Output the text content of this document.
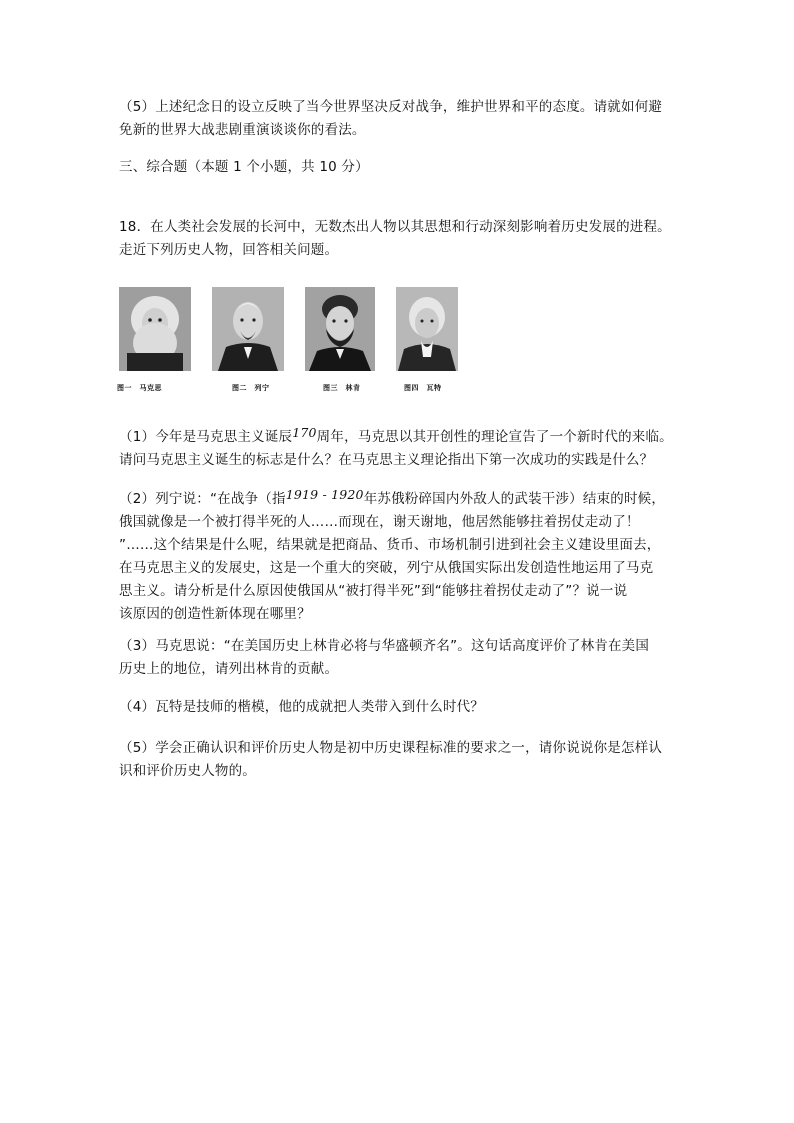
（5）上述纪念日的设立反映了当今世界坚决反对战争，维护世界和平的态度。请就如何避

免新的世界大战悲剧重演谈谈你的看法。

三、综合题（本题 1 个小题，共 10 分）

18．在人类社会发展的长河中，无数杰出人物以其思想和行动深刻影响着历史发展的进程。

走近下列历史人物，回答相关问题。

图一　马克思	图二　列宁	图三　林肯	图四　瓦特

（1）今年是马克思主义诞辰170周年，马克思以其开创性的理论宣告了一个新时代的来临。

请问马克思主义诞生的标志是什么？在马克思主义理论指出下第一次成功的实践是什么？

（2）列宁说：“在战争（指1919 - 1920年苏俄粉碎国内外敌人的武装干涉）结束的时候，

俄国就像是一个被打得半死的人……而现在，谢天谢地，他居然能够拄着拐仗走动了！

”……这个结果是什么呢，结果就是把商品、货币、市场机制引进到社会主义建设里面去，

在马克思主义的发展史，这是一个重大的突破，列宁从俄国实际出发创造性地运用了马克

思主义。请分析是什么原因使俄国从“被打得半死”到“能够拄着拐仗走动了”？说一说

该原因的创造性新体现在哪里？

（3）马克思说：“在美国历史上林肯必将与华盛顿齐名”。这句话高度评价了林肯在美国

历史上的地位，请列出林肯的贡献。

（4）瓦特是技师的楷模，他的成就把人类带入到什么时代？

（5）学会正确认识和评价历史人物是初中历史课程标准的要求之一，请你说说你是怎样认

识和评价历史人物的。
